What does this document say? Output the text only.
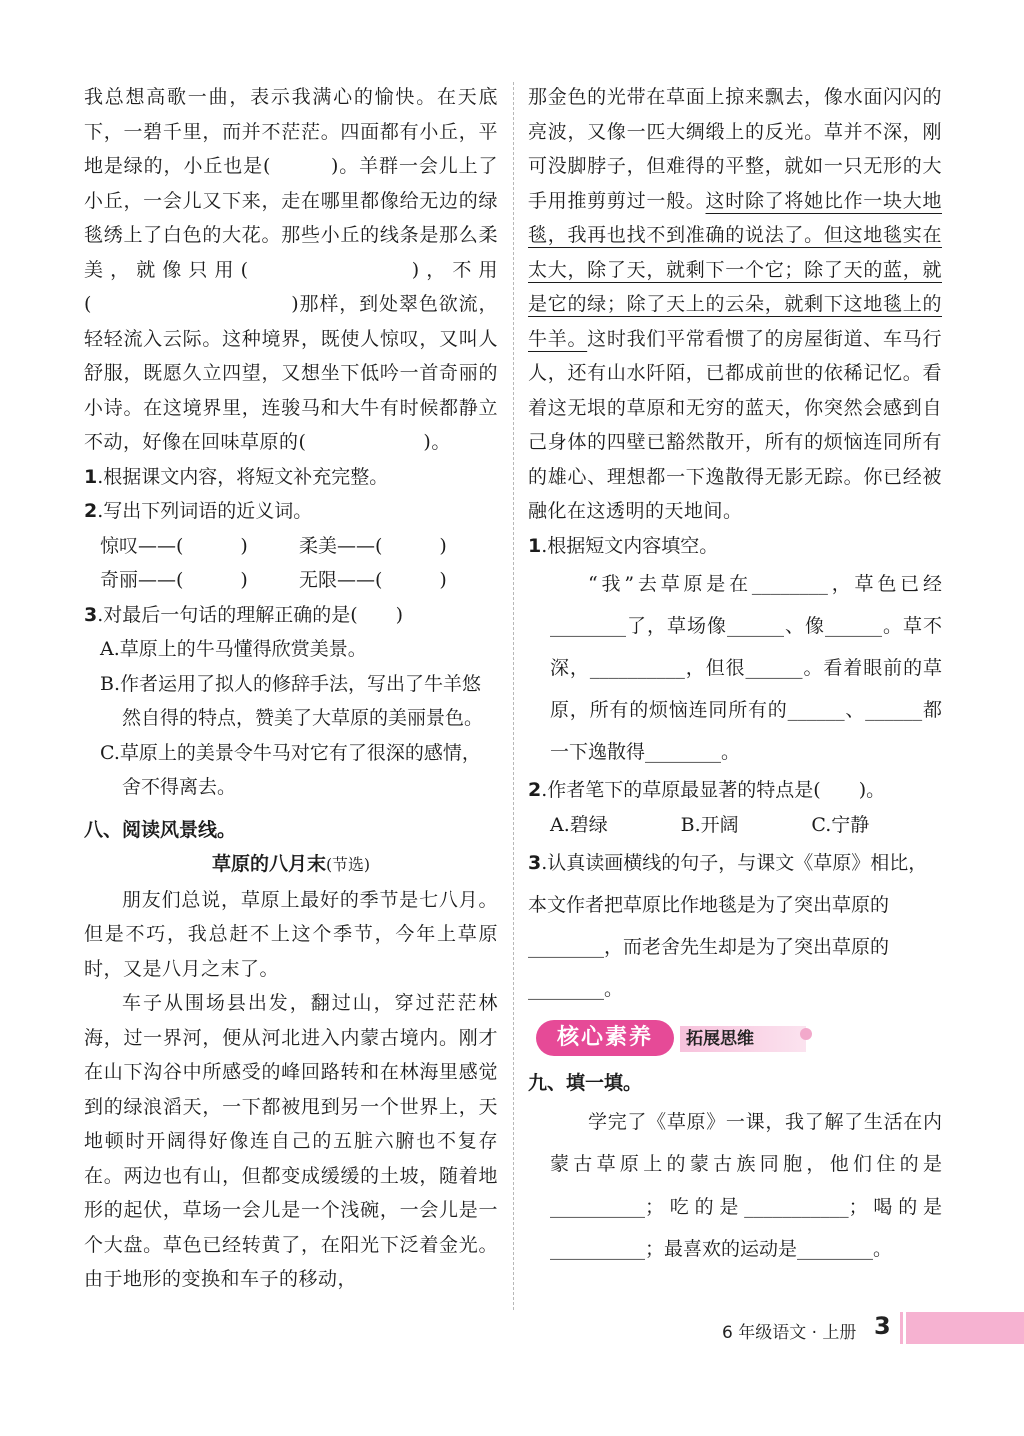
我总想高歌一曲，表示我满心的愉快。在天底下，一碧千里，而并不茫茫。四面都有小丘，平地是绿的，小丘也是(　　　)。羊群一会儿上了小丘，一会儿又下来，走在哪里都像给无边的绿毯绣上了白色的大花。那些小丘的线条是那么柔美，就像只用(　　　　　　)，不用(　　　　　　　　　　)那样，到处翠色欲流，轻轻流入云际。这种境界，既使人惊叹，又叫人舒服，既愿久立四望，又想坐下低吟一首奇丽的小诗。在这境界里，连骏马和大牛有时候都静立不动，好像在回味草原的(　　　　　　)。

1.根据课文内容，将短文补充完整。

2.写出下列词语的近义词。

惊叹——(　　　)	柔美——(　　　)
奇丽——(　　　)	无限——(　　　)

3.对最后一句话的理解正确的是(　　)

A.草原上的牛马懂得欣赏美景。

B.作者运用了拟人的修辞手法，写出了牛羊悠然自得的特点，赞美了大草原的美丽景色。

C.草原上的美景令牛马对它有了很深的感情，舍不得离去。

八、阅读风景线。

草原的八月末(节选)

朋友们总说，草原上最好的季节是七八月。但是不巧，我总赶不上这个季节，今年上草原时，又是八月之末了。

车子从围场县出发，翻过山，穿过茫茫林海，过一界河，便从河北进入内蒙古境内。刚才在山下沟谷中所感受的峰回路转和在林海里感觉到的绿浪滔天，一下都被甩到另一个世界上，天地顿时开阔得好像连自己的五脏六腑也不复存在。两边也有山，但都变成缓缓的土坡，随着地形的起伏，草场一会儿是一个浅碗，一会儿是一个大盘。草色已经转黄了，在阳光下泛着金光。由于地形的变换和车子的移动，

那金色的光带在草面上掠来飘去，像水面闪闪的亮波，又像一匹大绸缎上的反光。草并不深，刚可没脚脖子，但难得的平整，就如一只无形的大手用推剪剪过一般。这时除了将她比作一块大地毯，我再也找不到准确的说法了。但这地毯实在太大，除了天，就剩下一个它；除了天的蓝，就是它的绿；除了天上的云朵，就剩下这地毯上的牛羊。这时我们平常看惯了的房屋街道、车马行人，还有山水阡陌，已都成前世的依稀记忆。看着这无垠的草原和无穷的蓝天，你突然会感到自己身体的四壁已豁然散开，所有的烦恼连同所有的雄心、理想都一下逸散得无影无踪。你已经被融化在这透明的天地间。

1.根据短文内容填空。

“我”去草原是在________，草色已经________了，草场像______、像______。草不深，__________，但很______。看着眼前的草原，所有的烦恼连同所有的______、______都一下逸散得________。

2.作者笔下的草原最显著的特点是(　　)。

A.碧绿	B.开阔	C.宁静

3.认真读画横线的句子，与课文《草原》相比，本文作者把草原比作地毯是为了突出草原的________，而老舍先生却是为了突出草原的________。

核心素养	拓展思维

九、填一填。

学完了《草原》一课，我了解了生活在内蒙古草原上的蒙古族同胞，他们住的是__________；吃的是___________；喝的是__________；最喜欢的运动是________。

6 年级语文 · 上册 3
